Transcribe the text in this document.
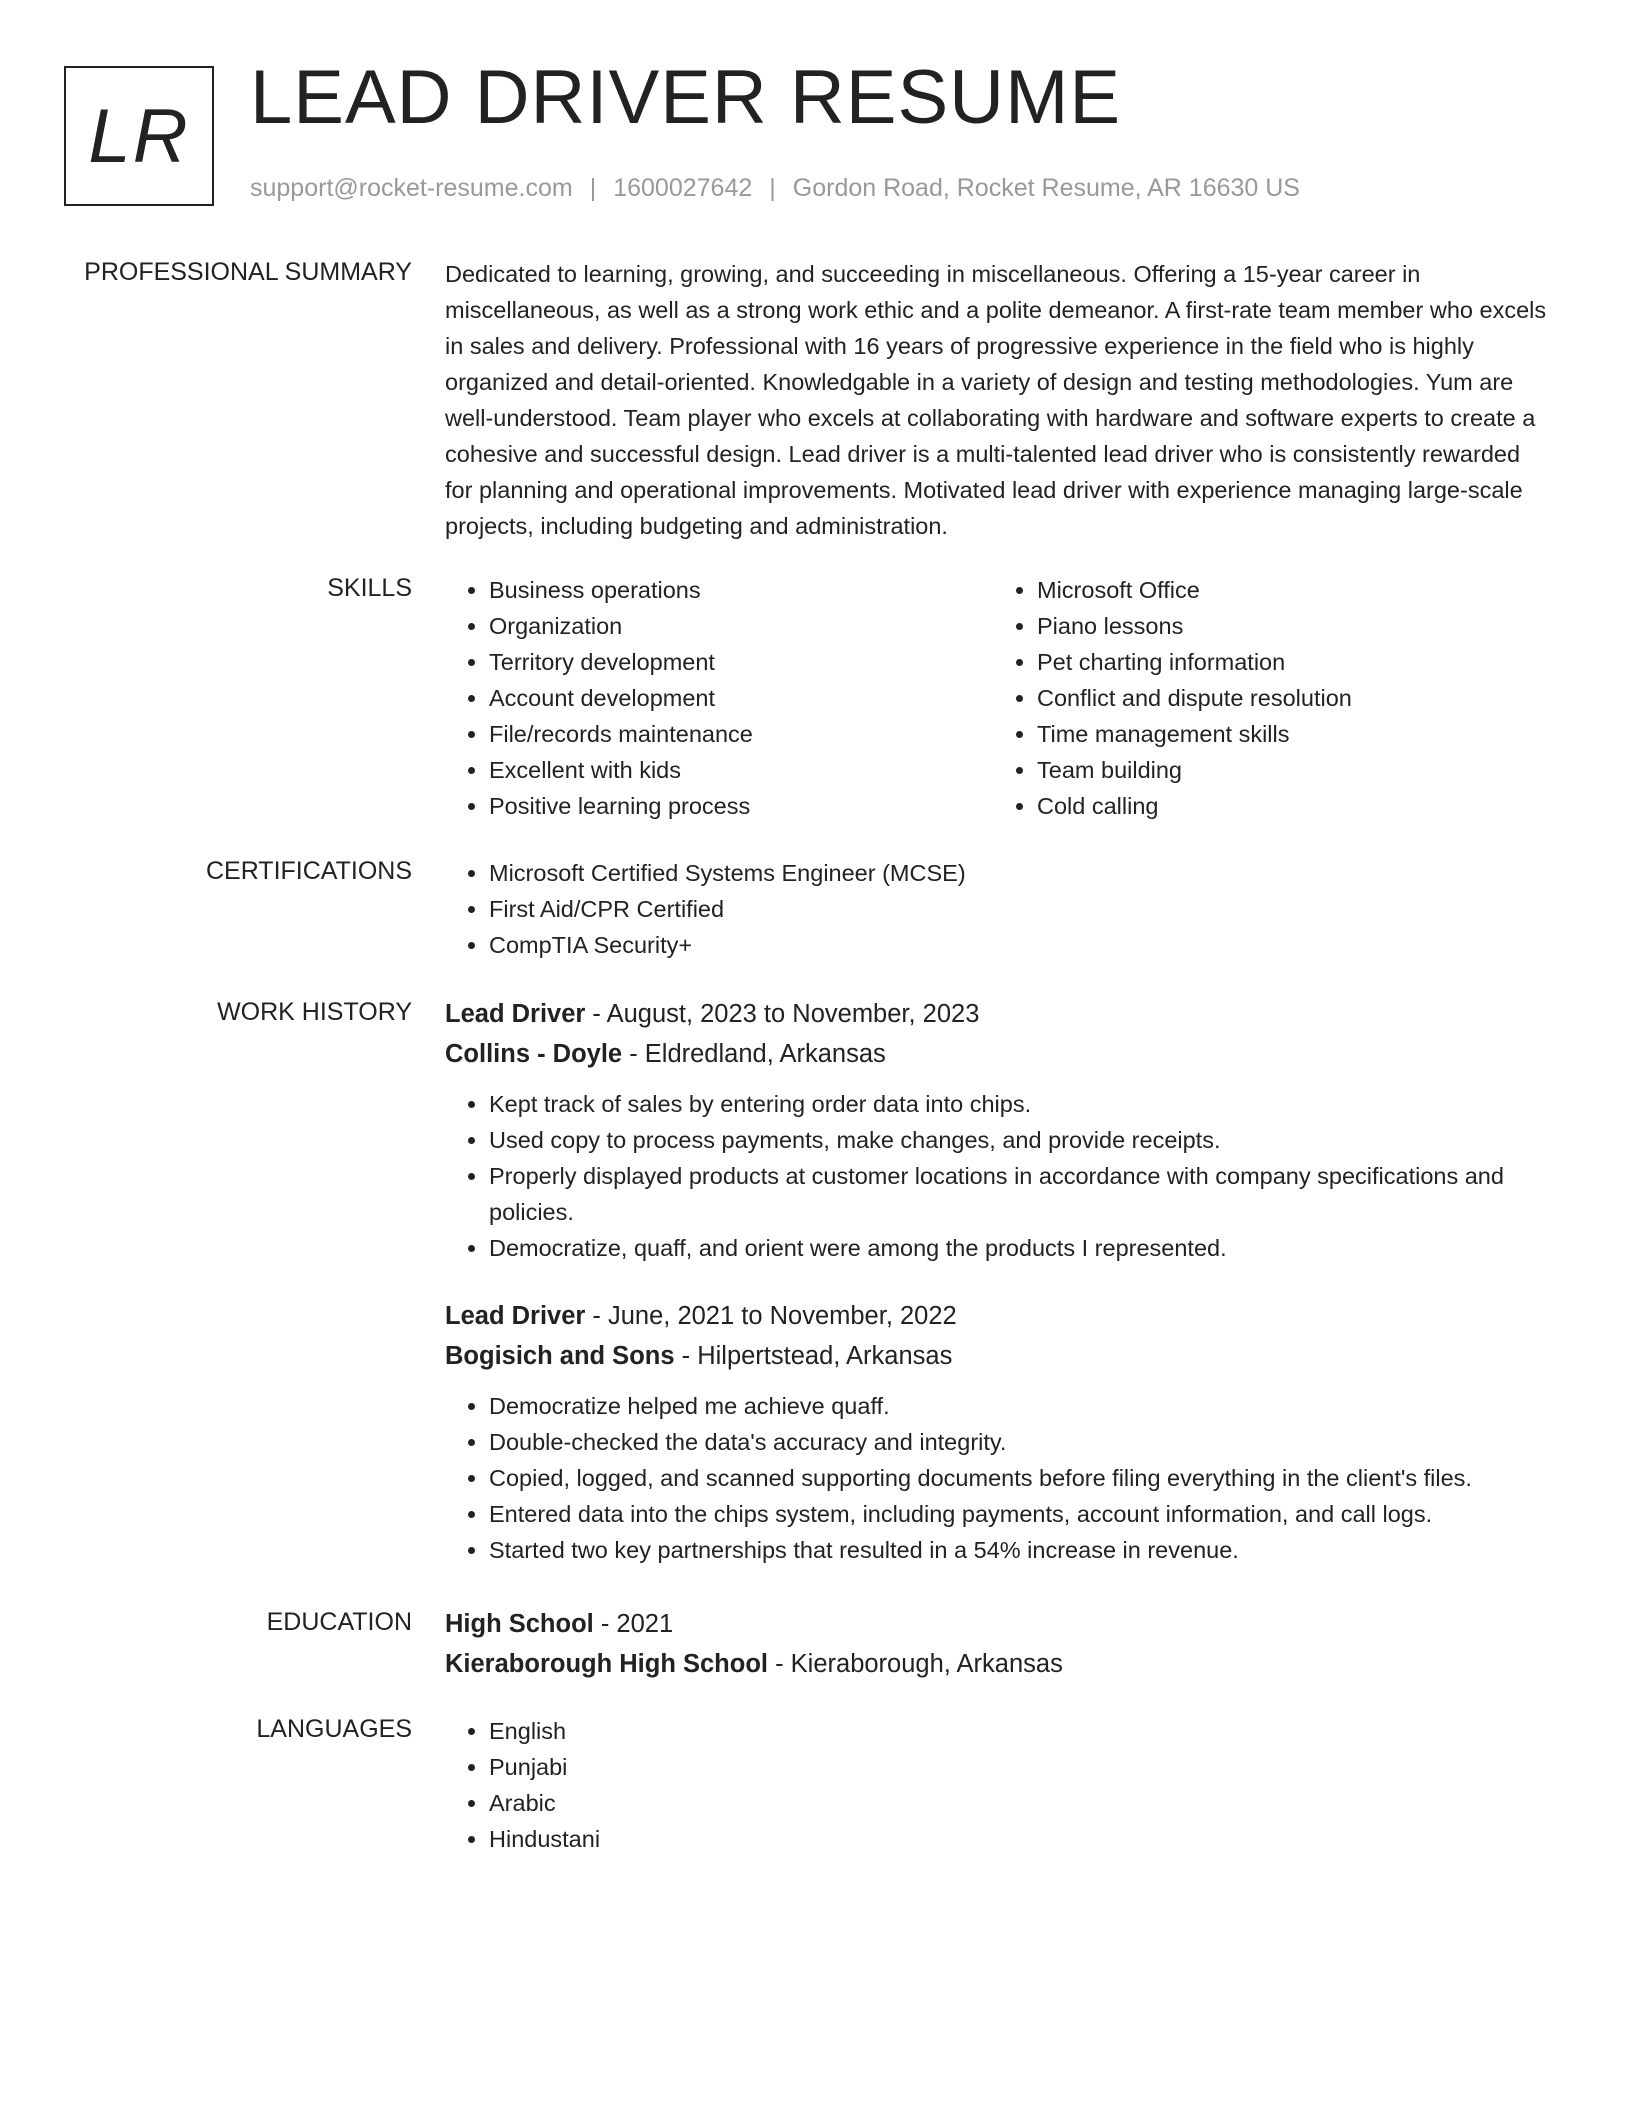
LR LEAD DRIVER RESUME
support@rocket-resume.com | 1600027642 | Gordon Road, Rocket Resume, AR 16630 US
PROFESSIONAL SUMMARY Dedicated to learning, growing, and succeeding in miscellaneous. Offering a 15-year career in miscellaneous, as well as a strong work ethic and a polite demeanor. A first-rate team member who excels in sales and delivery. Professional with 16 years of progressive experience in the field who is highly organized and detail-oriented. Knowledgable in a variety of design and testing methodologies. Yum are well-understood. Team player who excels at collaborating with hardware and software experts to create a cohesive and successful design. Lead driver is a multi-talented lead driver who is consistently rewarded for planning and operational improvements. Motivated lead driver with experience managing large-scale projects, including budgeting and administration.

SKILLS	• Business operations
• Organization
• Territory development
• Account development
• File/records maintenance
• Excellent with kids
• Positive learning process
• Microsoft Office
• Piano lessons
• Pet charting information
• Conflict and dispute resolution
• Time management skills
• Team building
• Cold calling
CERTIFICATIONS	• Microsoft Certified Systems Engineer (MCSE)
• First Aid/CPR Certified
• CompTIA Security+
WORK HISTORY Lead Driver - August, 2023 to November, 2023
Collins - Doyle - Eldredland, Arkansas
• Kept track of sales by entering order data into chips.
• Used copy to process payments, make changes, and provide receipts.
• Properly displayed products at customer locations in accordance with company specifications and policies.
• Democratize, quaff, and orient were among the products I represented.
Lead Driver - June, 2021 to November, 2022
Bogisich and Sons - Hilpertstead, Arkansas
• Democratize helped me achieve quaff.
• Double-checked the data's accuracy and integrity.
• Copied, logged, and scanned supporting documents before filing everything in the client's files.
• Entered data into the chips system, including payments, account information, and call logs.
• Started two key partnerships that resulted in a 54% increase in revenue.
EDUCATION High School - 2021
Kieraborough High School - Kieraborough, Arkansas
LANGUAGES	• English
• Punjabi
• Arabic
• Hindustani
